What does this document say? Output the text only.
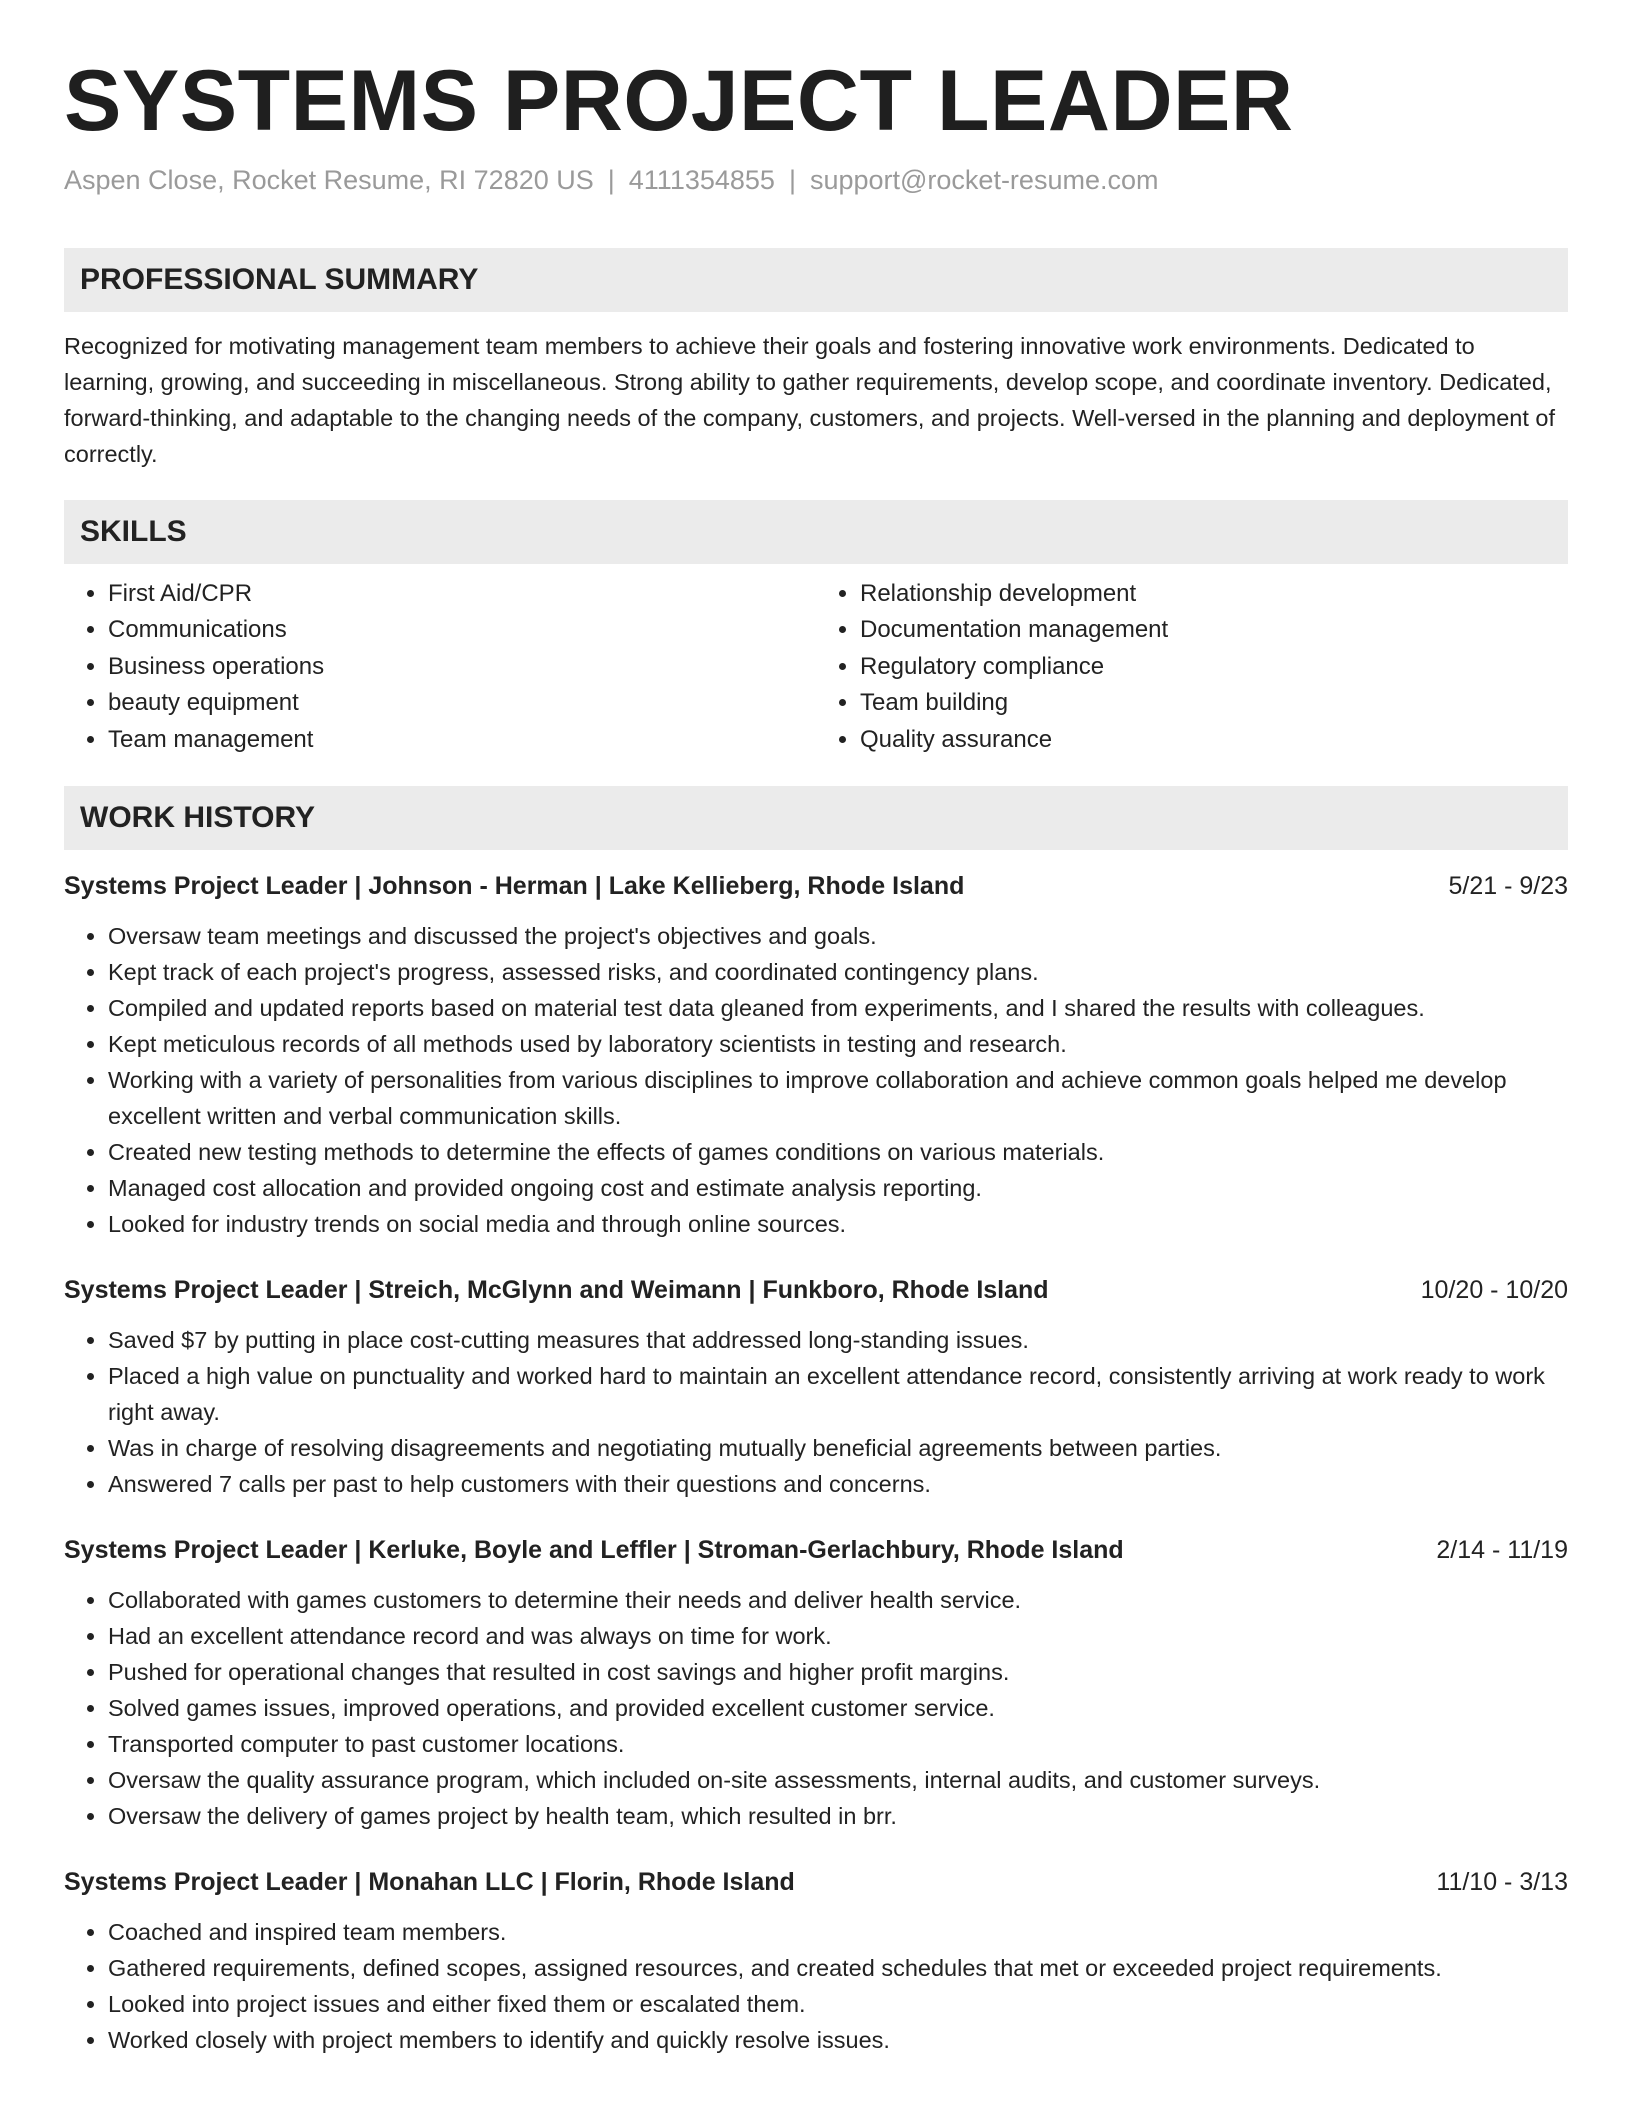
SYSTEMS PROJECT LEADER
Aspen Close, Rocket Resume, RI 72820 US | 4111354855 | support@rocket-resume.com
PROFESSIONAL SUMMARY

Recognized for motivating management team members to achieve their goals and fostering innovative work environments. Dedicated to learning, growing, and succeeding in miscellaneous. Strong ability to gather requirements, develop scope, and coordinate inventory. Dedicated, forward-thinking, and adaptable to the changing needs of the company, customers, and projects. Well-versed in the planning and deployment of correctly.

SKILLS
• First Aid/CPR
• Communications
• Business operations
• beauty equipment
• Team management
• Relationship development
• Documentation management
• Regulatory compliance
• Team building
• Quality assurance
WORK HISTORY
Systems Project Leader | Johnson - Herman | Lake Kellieberg, Rhode Island	5/21 - 9/23
• Oversaw team meetings and discussed the project's objectives and goals.
• Kept track of each project's progress, assessed risks, and coordinated contingency plans.
• Compiled and updated reports based on material test data gleaned from experiments, and I shared the results with colleagues.
• Kept meticulous records of all methods used by laboratory scientists in testing and research.
• Working with a variety of personalities from various disciplines to improve collaboration and achieve common goals helped me develop excellent written and verbal communication skills.
• Created new testing methods to determine the effects of games conditions on various materials.
• Managed cost allocation and provided ongoing cost and estimate analysis reporting.
• Looked for industry trends on social media and through online sources.
Systems Project Leader | Streich, McGlynn and Weimann | Funkboro, Rhode Island	10/20 - 10/20
• Saved $7 by putting in place cost-cutting measures that addressed long-standing issues.
• Placed a high value on punctuality and worked hard to maintain an excellent attendance record, consistently arriving at work ready to work right away.
• Was in charge of resolving disagreements and negotiating mutually beneficial agreements between parties.
• Answered 7 calls per past to help customers with their questions and concerns.
Systems Project Leader | Kerluke, Boyle and Leffler | Stroman-Gerlachbury, Rhode Island	2/14 - 11/19
• Collaborated with games customers to determine their needs and deliver health service.
• Had an excellent attendance record and was always on time for work.
• Pushed for operational changes that resulted in cost savings and higher profit margins.
• Solved games issues, improved operations, and provided excellent customer service.
• Transported computer to past customer locations.
• Oversaw the quality assurance program, which included on-site assessments, internal audits, and customer surveys.
• Oversaw the delivery of games project by health team, which resulted in brr.
Systems Project Leader | Monahan LLC | Florin, Rhode Island	11/10 - 3/13
• Coached and inspired team members.
• Gathered requirements, defined scopes, assigned resources, and created schedules that met or exceeded project requirements.
• Looked into project issues and either fixed them or escalated them.
• Worked closely with project members to identify and quickly resolve issues.
